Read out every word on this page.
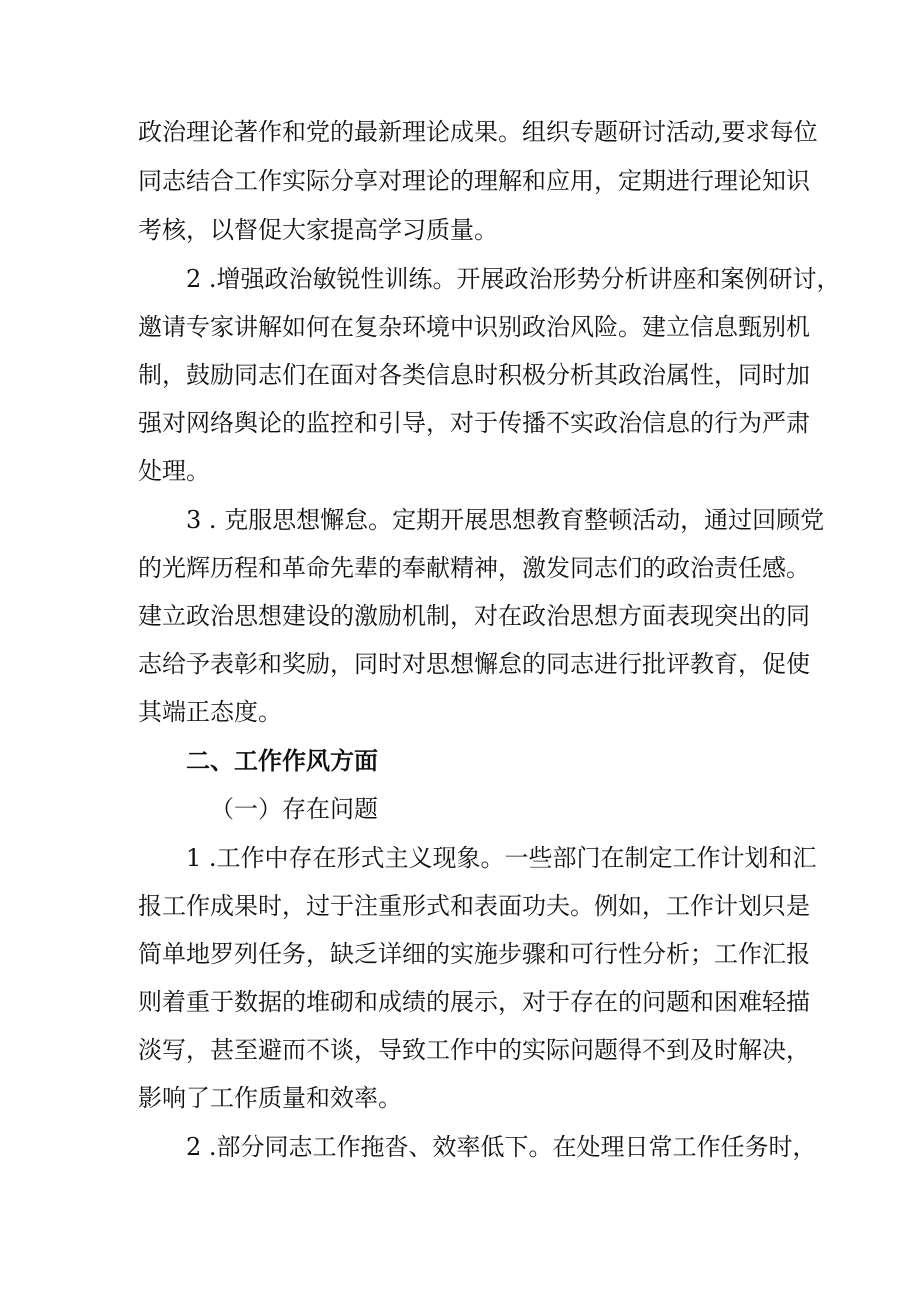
政治理论著作和党的最新理论成果。组织专题研讨活动,要求每位
同志结合工作实际分享对理论的理解和应用，定期进行理论知识
考核，以督促大家提高学习质量。
2 .增强政治敏锐性训练。开展政治形势分析讲座和案例研讨，
邀请专家讲解如何在复杂环境中识别政治风险。建立信息甄别机
制，鼓励同志们在面对各类信息时积极分析其政治属性，同时加
强对网络舆论的监控和引导，对于传播不实政治信息的行为严肃
处理。
3 . 克服思想懈怠。定期开展思想教育整顿活动，通过回顾党
的光辉历程和革命先辈的奉献精神，激发同志们的政治责任感。
建立政治思想建设的激励机制，对在政治思想方面表现突出的同
志给予表彰和奖励，同时对思想懈怠的同志进行批评教育，促使
其端正态度。
二、工作作风方面
（一）存在问题
1 .工作中存在形式主义现象。一些部门在制定工作计划和汇
报工作成果时，过于注重形式和表面功夫。例如，工作计划只是
简单地罗列任务，缺乏详细的实施步骤和可行性分析；工作汇报
则着重于数据的堆砌和成绩的展示，对于存在的问题和困难轻描
淡写，甚至避而不谈，导致工作中的实际问题得不到及时解决，
影响了工作质量和效率。
2 .部分同志工作拖沓、效率低下。在处理日常工作任务时，
